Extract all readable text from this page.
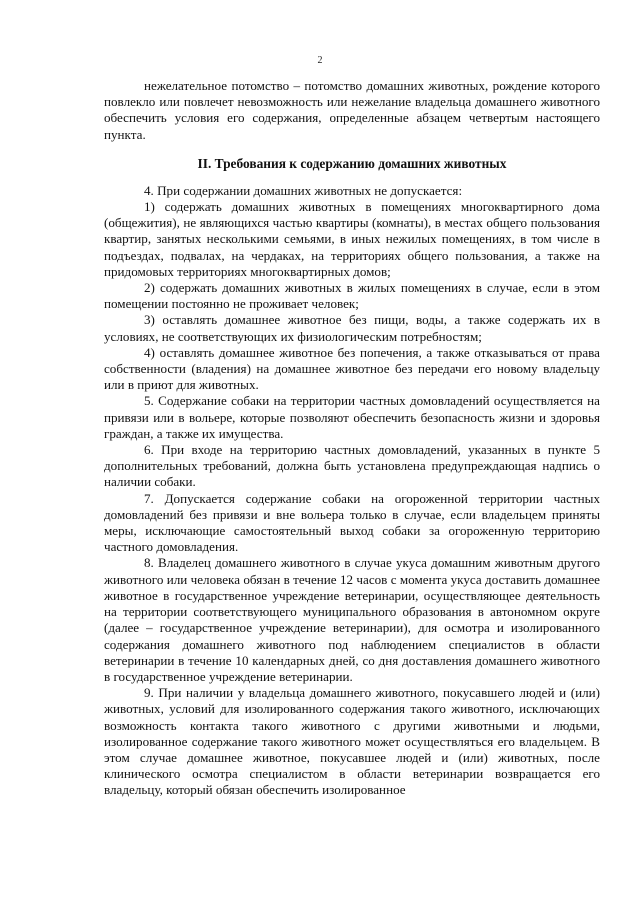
2

нежелательное потомство – потомство домашних животных, рождение которого повлекло или повлечет невозможность или нежелание владельца домашнего животного обеспечить условия его содержания, определенные абзацем четвертым настоящего пункта.

II. Требования к содержанию домашних животных

4. При содержании домашних животных не допускается:

1) содержать домашних животных в помещениях многоквартирного дома (общежития), не являющихся частью квартиры (комнаты), в местах общего пользования квартир, занятых несколькими семьями, в иных нежилых помещениях, в том числе в подъездах, подвалах, на чердаках, на территориях общего пользования, а также на придомовых территориях многоквартирных домов;

2) содержать домашних животных в жилых помещениях в случае, если в этом помещении постоянно не проживает человек;

3) оставлять домашнее животное без пищи, воды, а также содержать их в условиях, не соответствующих их физиологическим потребностям;

4) оставлять домашнее животное без попечения, а также отказываться от права собственности (владения) на домашнее животное без передачи его новому владельцу или в приют для животных.

5. Содержание собаки на территории частных домовладений осуществляется на привязи или в вольере, которые позволяют обеспечить безопасность жизни и здоровья граждан, а также их имущества.

6. При входе на территорию частных домовладений, указанных в пункте 5 дополнительных требований, должна быть установлена предупреждающая надпись о наличии собаки.

7. Допускается содержание собаки на огороженной территории частных домовладений без привязи и вне вольера только в случае, если владельцем приняты меры, исключающие самостоятельный выход собаки за огороженную территорию частного домовладения.

8. Владелец домашнего животного в случае укуса домашним животным другого животного или человека обязан в течение 12 часов с момента укуса доставить домашнее животное в государственное учреждение ветеринарии, осуществляющее деятельность на территории соответствующего муниципального образования в автономном округе (далее – государственное учреждение ветеринарии), для осмотра и изолированного содержания домашнего животного под наблюдением специалистов в области ветеринарии в течение 10 календарных дней, со дня доставления домашнего животного в государственное учреждение ветеринарии.

9. При наличии у владельца домашнего животного, покусавшего людей и (или) животных, условий для изолированного содержания такого животного, исключающих возможность контакта такого животного с другими животными и людьми, изолированное содержание такого животного может осуществляться его владельцем. В этом случае домашнее животное, покусавшее людей и (или) животных, после клинического осмотра специалистом в области ветеринарии возвращается его владельцу, который обязан обеспечить изолированное
